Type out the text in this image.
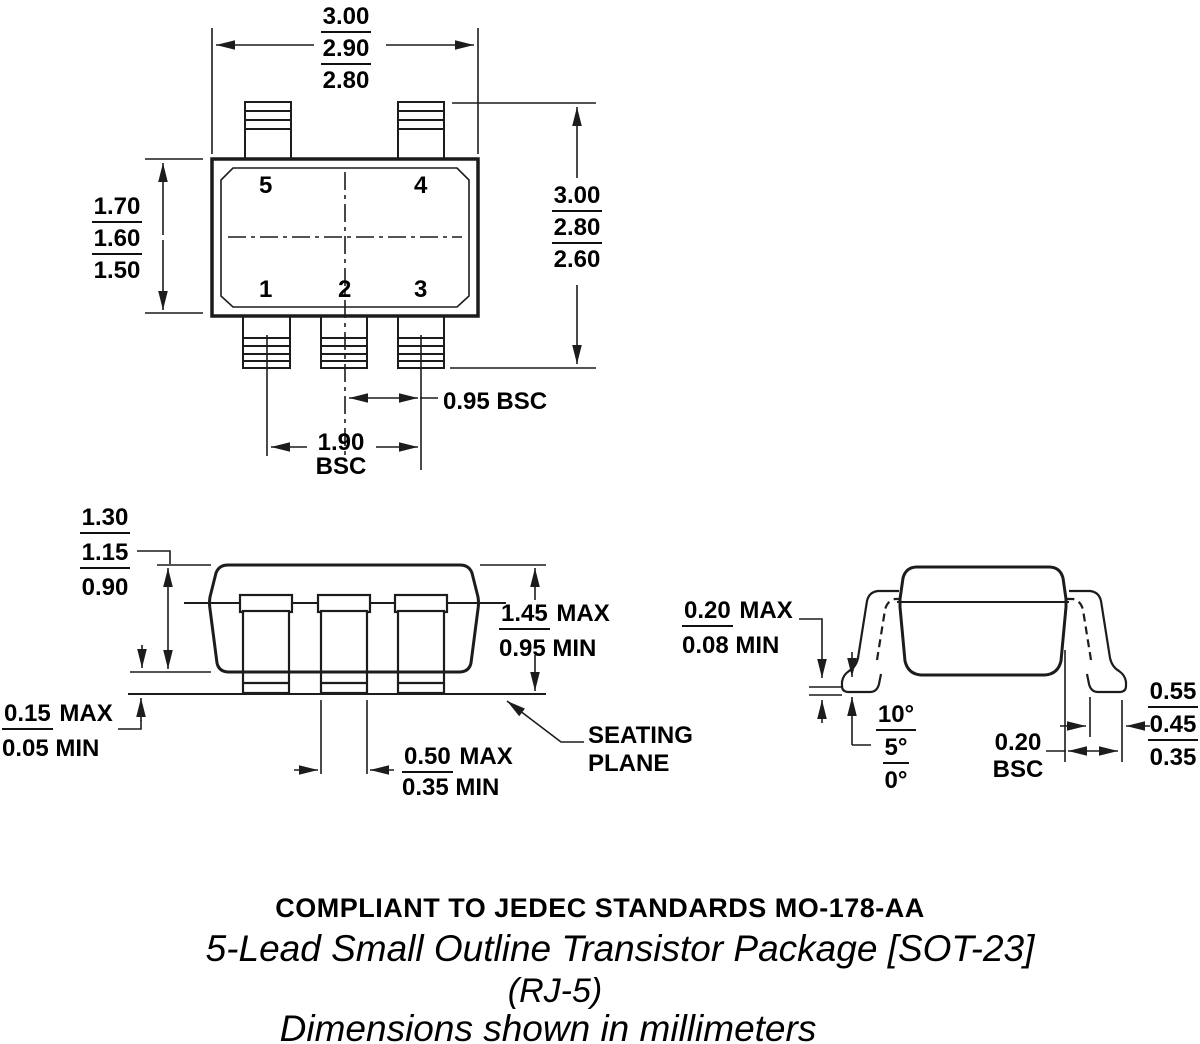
3.00
2.90
2.80
1.70
1.60
1.50
3.00
2.80
2.60
5	4
1	2	3
0.95 BSC
1.90
BSC
1.30
1.15
0.90
1.45 MAX
0.95 MIN
0.15 MAX
0.05 MIN	0.50 MAX
0.35 MIN
SEATING
PLANE
0.20 MAX
0.08 MIN
10°
5°
0°
0.20
BSC
0.55
0.45
0.35
COMPLIANT TO JEDEC STANDARDS MO-178-AA
5-Lead Small Outline Transistor Package [SOT-23]
(RJ-5)
Dimensions shown in millimeters
